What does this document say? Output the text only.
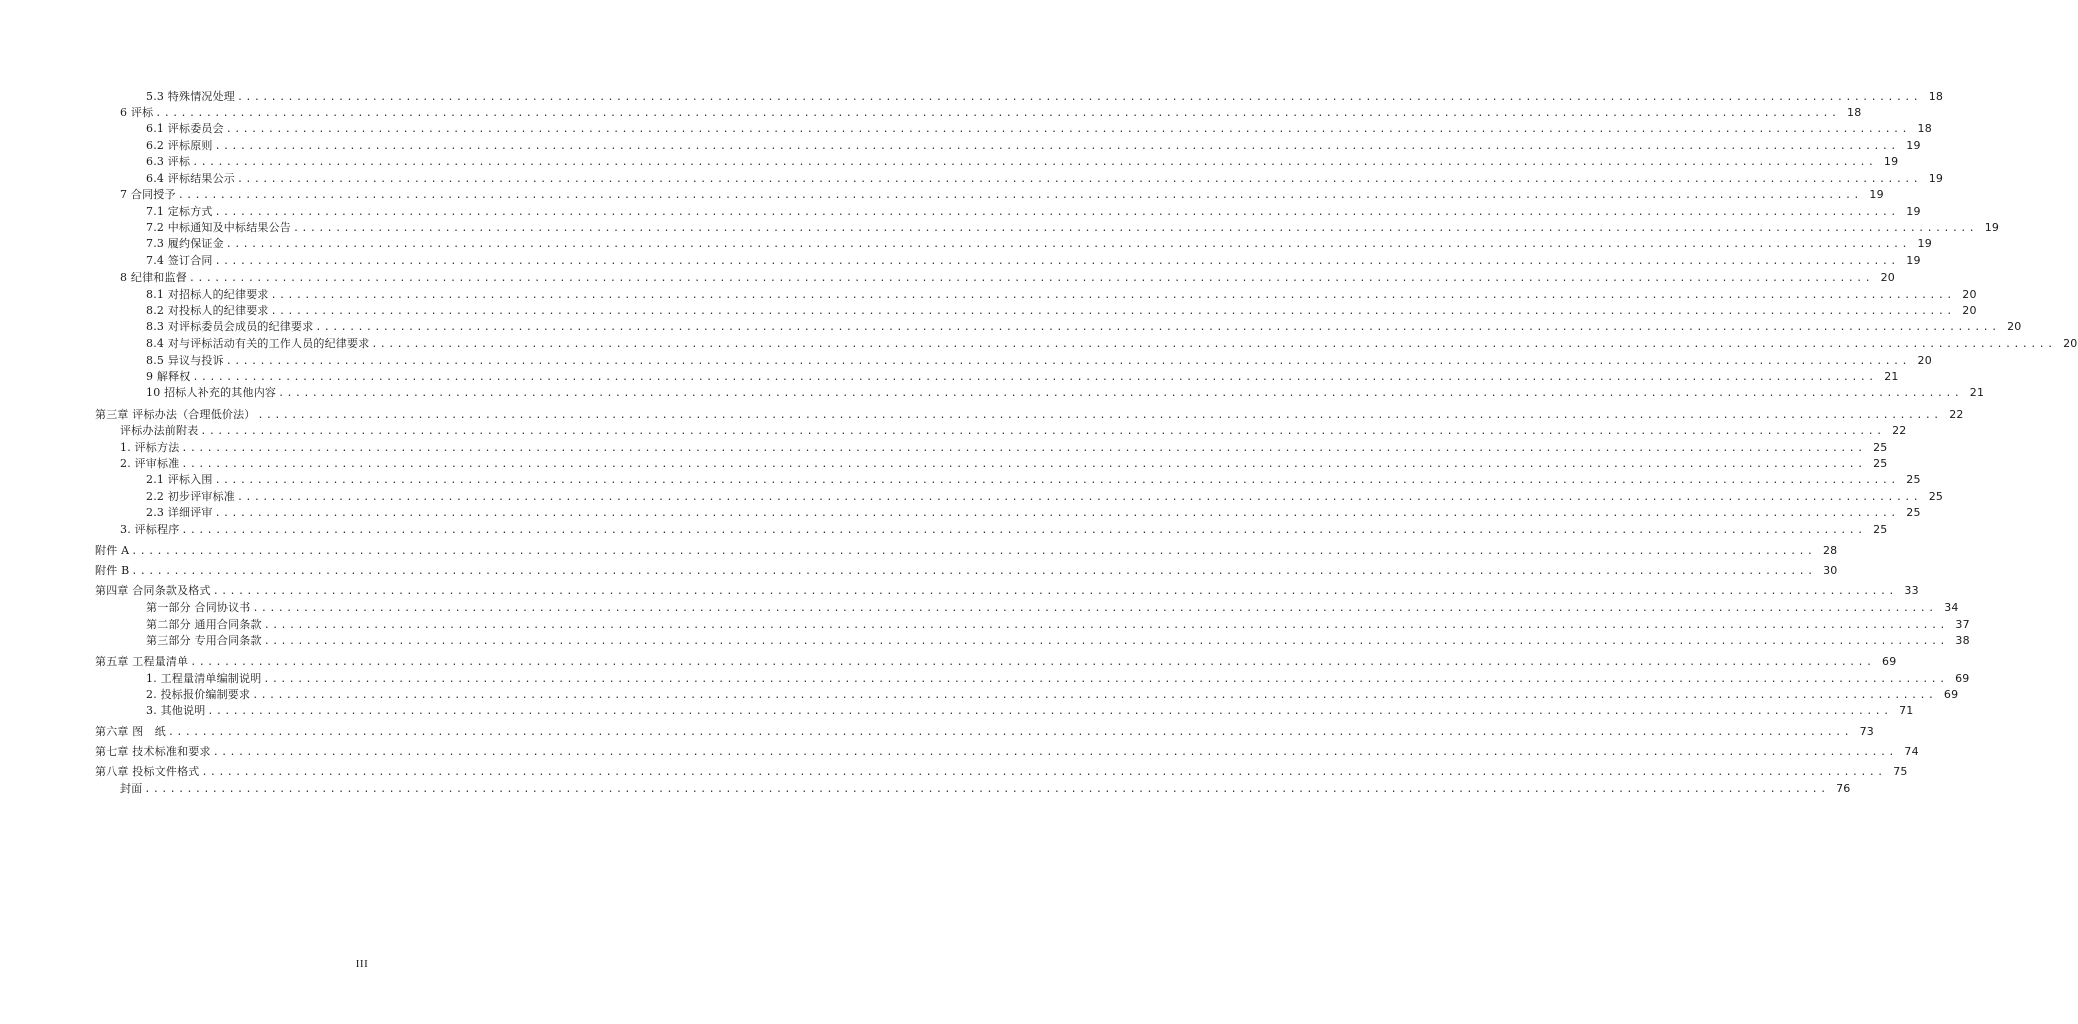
5.3 特殊情况处理 ........................................................................................................................................................................................................ 18
6 评标 ........................................................................................................................................................................................................ 18
6.1 评标委员会 ........................................................................................................................................................................................................ 18
6.2 评标原则 ........................................................................................................................................................................................................ 19
6.3 评标 ........................................................................................................................................................................................................ 19
6.4 评标结果公示 ........................................................................................................................................................................................................ 19
7 合同授予 ........................................................................................................................................................................................................ 19
7.1 定标方式 ........................................................................................................................................................................................................ 19
7.2 中标通知及中标结果公告 ........................................................................................................................................................................................................ 19
7.3 履约保证金 ........................................................................................................................................................................................................ 19
7.4 签订合同 ........................................................................................................................................................................................................ 19
8 纪律和监督 ........................................................................................................................................................................................................ 20
8.1 对招标人的纪律要求 ........................................................................................................................................................................................................ 20
8.2 对投标人的纪律要求 ........................................................................................................................................................................................................ 20
8.3 对评标委员会成员的纪律要求 ........................................................................................................................................................................................................ 20
8.4 对与评标活动有关的工作人员的纪律要求 ........................................................................................................................................................................................................ 20
8.5 异议与投诉 ........................................................................................................................................................................................................ 20
9 解释权 ........................................................................................................................................................................................................ 21
10 招标人补充的其他内容 ........................................................................................................................................................................................................ 21
第三章 评标办法（合理低价法） ........................................................................................................................................................................................................ 22
评标办法前附表 ........................................................................................................................................................................................................ 22
1. 评标方法 ........................................................................................................................................................................................................ 25
2. 评审标准 ........................................................................................................................................................................................................ 25
2.1 评标入围 ........................................................................................................................................................................................................ 25
2.2 初步评审标准 ........................................................................................................................................................................................................ 25
2.3 详细评审 ........................................................................................................................................................................................................ 25
3. 评标程序 ........................................................................................................................................................................................................ 25
附件 A ........................................................................................................................................................................................................ 28
附件 B ........................................................................................................................................................................................................ 30
第四章 合同条款及格式 ........................................................................................................................................................................................................ 33
第一部分 合同协议书 ........................................................................................................................................................................................................ 34
第二部分 通用合同条款 ........................................................................................................................................................................................................ 37
第三部分 专用合同条款 ........................................................................................................................................................................................................ 38
第五章 工程量清单 ........................................................................................................................................................................................................ 69
1. 工程量清单编制说明 ........................................................................................................................................................................................................ 69
2. 投标报价编制要求 ........................................................................................................................................................................................................ 69
3. 其他说明 ........................................................................................................................................................................................................ 71
第六章 图　纸 ........................................................................................................................................................................................................ 73
第七章 技术标准和要求 ........................................................................................................................................................................................................ 74
第八章 投标文件格式 ........................................................................................................................................................................................................ 75
封面 ........................................................................................................................................................................................................ 76
III
